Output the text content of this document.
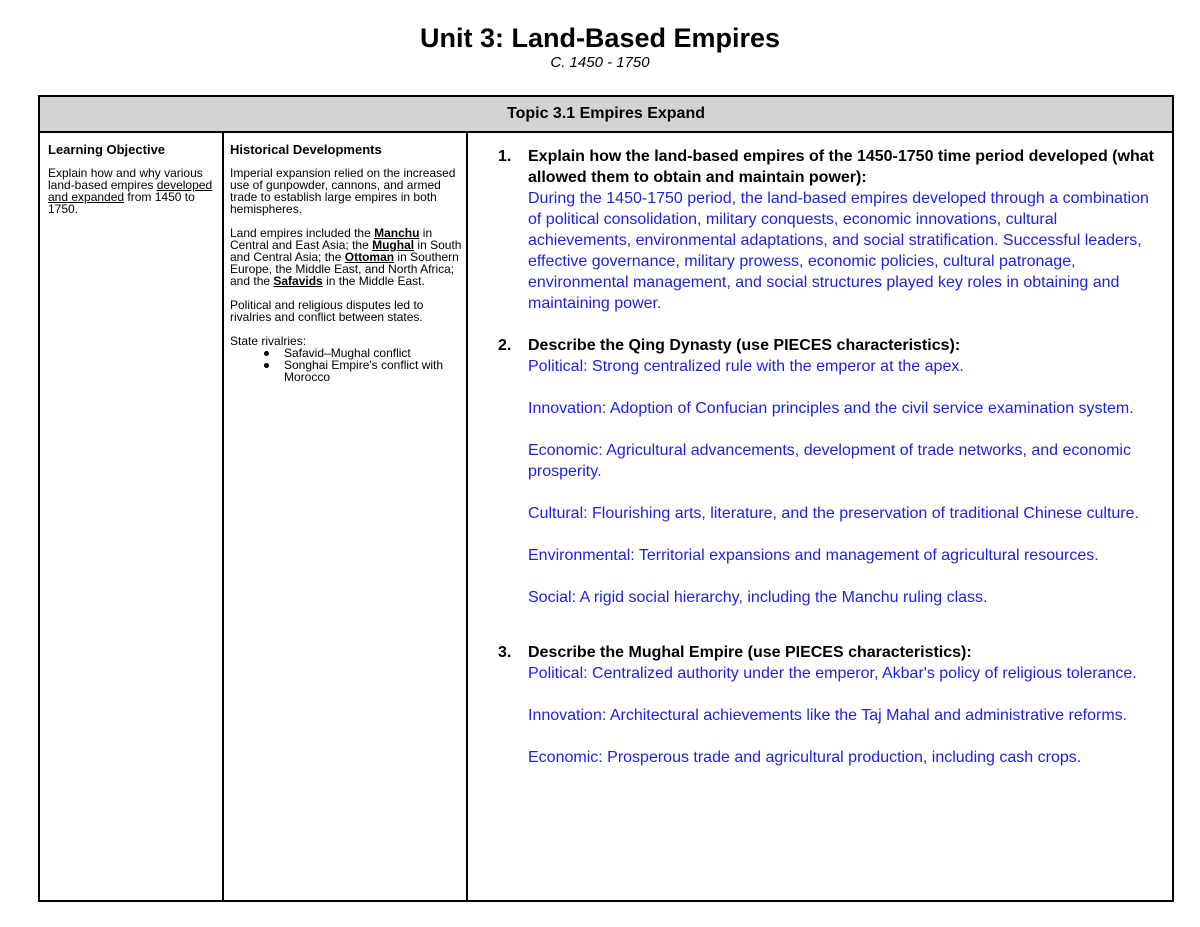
Unit 3: Land-Based Empires
C. 1450 - 1750
Topic 3.1 Empires Expand
Learning Objective

Explain how and why various land-based empires developed and expanded from 1450 to 1750.

Historical Developments

Imperial expansion relied on the increased use of gunpowder, cannons, and armed trade to establish large empires in both hemispheres.

Land empires included the Manchu in Central and East Asia; the Mughal in South and Central Asia; the Ottoman in Southern Europe, the Middle East, and North Africa; and the Safavids in the Middle East.

Political and religious disputes led to rivalries and conflict between states.

State rivalries:

Safavid–Mughal conflict
Songhai Empire's conflict with Morocco
1. Explain how the land-based empires of the 1450-1750 time period developed (what allowed them to obtain and maintain power):
During the 1450-1750 period, the land-based empires developed through a combination of political consolidation, military conquests, economic innovations, cultural achievements, environmental adaptations, and social stratification. Successful leaders, effective governance, military prowess, economic policies, cultural patronage, environmental management, and social structures played key roles in obtaining and maintaining power.
2. Describe the Qing Dynasty (use PIECES characteristics):
Political: Strong centralized rule with the emperor at the apex.
Innovation: Adoption of Confucian principles and the civil service examination system.
Economic: Agricultural advancements, development of trade networks, and economic prosperity.
Cultural: Flourishing arts, literature, and the preservation of traditional Chinese culture.
Environmental: Territorial expansions and management of agricultural resources.
Social: A rigid social hierarchy, including the Manchu ruling class.
3. Describe the Mughal Empire (use PIECES characteristics):
Political: Centralized authority under the emperor, Akbar's policy of religious tolerance.
Innovation: Architectural achievements like the Taj Mahal and administrative reforms.
Economic: Prosperous trade and agricultural production, including cash crops.
